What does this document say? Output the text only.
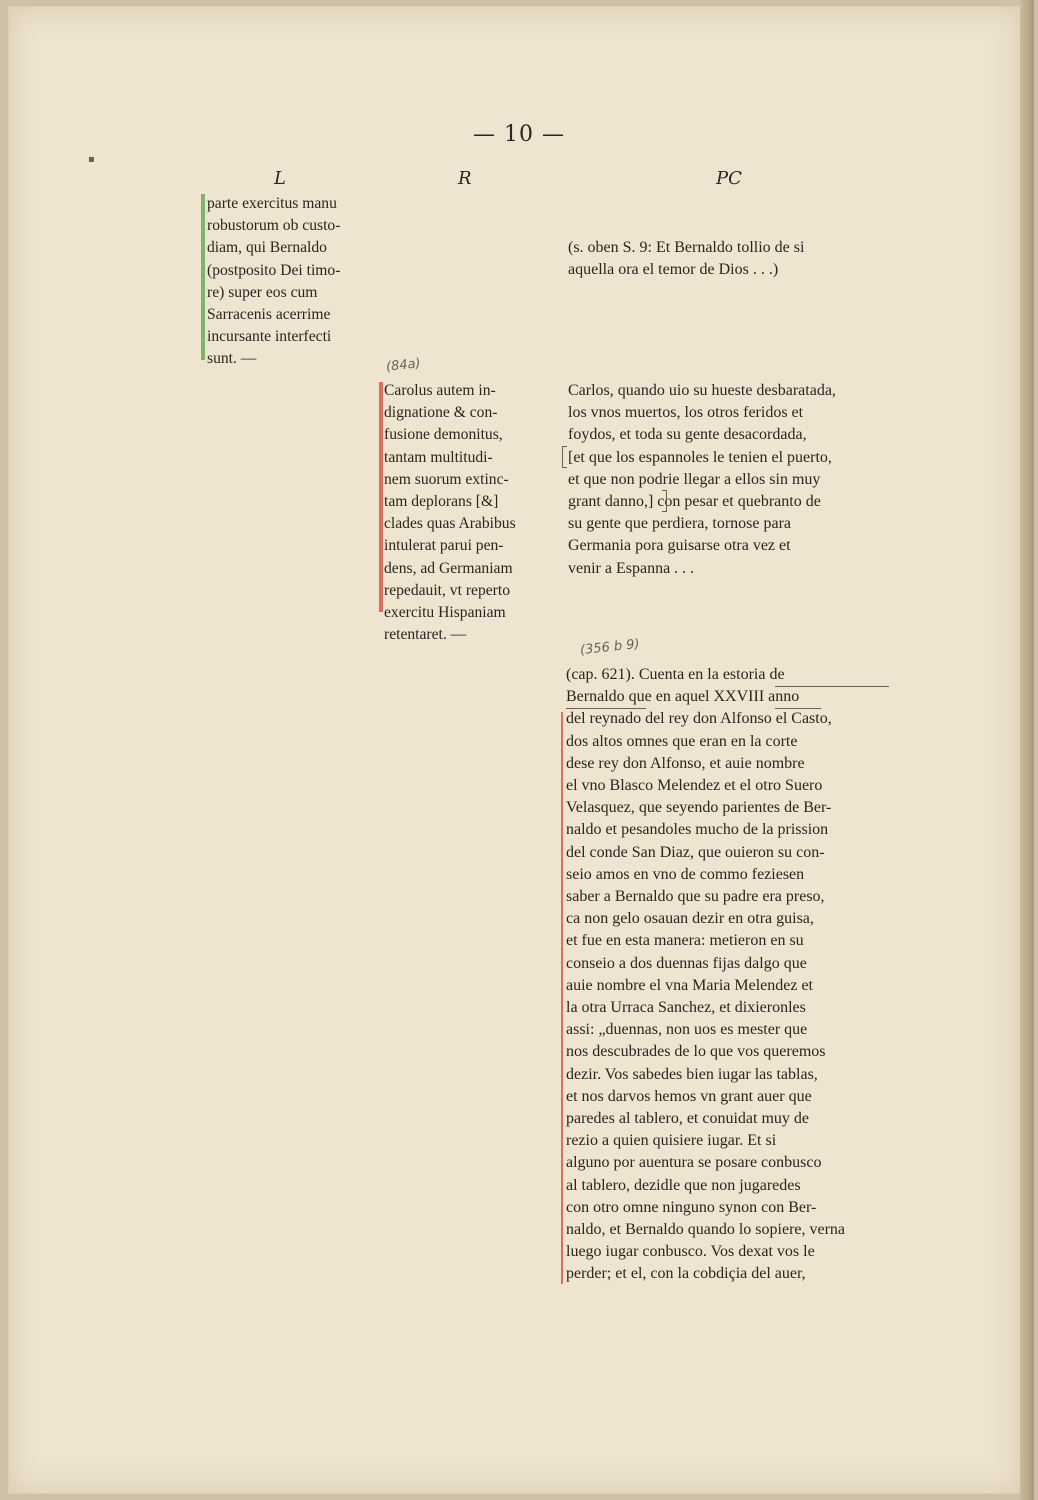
▪
— 10 —
L	R	PC
parte exercitus manu
robustorum ob custo-
diam, qui Bernaldo
(postposito Dei timo-
re) super eos cum
Sarracenis acerrime
incursante interfecti
sunt. —
(s. oben S. 9: Et Bernaldo tollio de si
aquella ora el temor de Dios . . .)
(84a)
Carolus autem in-
dignatione & con-
fusione demonitus,
tantam multitudi-
nem suorum extinc-
tam deplorans [&]
clades quas Arabibus
intulerat parui pen-
dens, ad Germaniam
repedauit, vt reperto
exercitu Hispaniam
retentaret. —
Carlos, quando uio su hueste desbaratada,
los vnos muertos, los otros feridos et
foydos, et toda su gente desacordada,
[et que los espannoles le tenien el puerto,
et que non podrie llegar a ellos sin muy
grant danno,] con pesar et quebranto de
su gente que perdiera, tornose para
Germania pora guisarse otra vez et
venir a Espanna . . .
(356 b 9)
(cap. 621). Cuenta en la estoria de
Bernaldo que en aquel XXVIII anno
del reynado del rey don Alfonso el Casto,
dos altos omnes que eran en la corte
dese rey don Alfonso, et auie nombre
el vno Blasco Melendez et el otro Suero
Velasquez, que seyendo parientes de Ber-
naldo et pesandoles mucho de la prission
del conde San Diaz, que ouieron su con-
seio amos en vno de commo feziesen
saber a Bernaldo que su padre era preso,
ca non gelo osauan dezir en otra guisa,
et fue en esta manera: metieron en su
conseio a dos duennas fijas dalgo que
auie nombre el vna Maria Melendez et
la otra Urraca Sanchez, et dixieronles
assi: „duennas, non uos es mester que
nos descubrades de lo que vos queremos
dezir. Vos sabedes bien iugar las tablas,
et nos darvos hemos vn grant auer que
paredes al tablero, et conuidat muy de
rezio a quien quisiere iugar. Et si
alguno por auentura se posare conbusco
al tablero, dezidle que non jugaredes
con otro omne ninguno synon con Ber-
naldo, et Bernaldo quando lo sopiere, verna
luego iugar conbusco. Vos dexat vos le
perder; et el, con la cobdiçia del auer,
